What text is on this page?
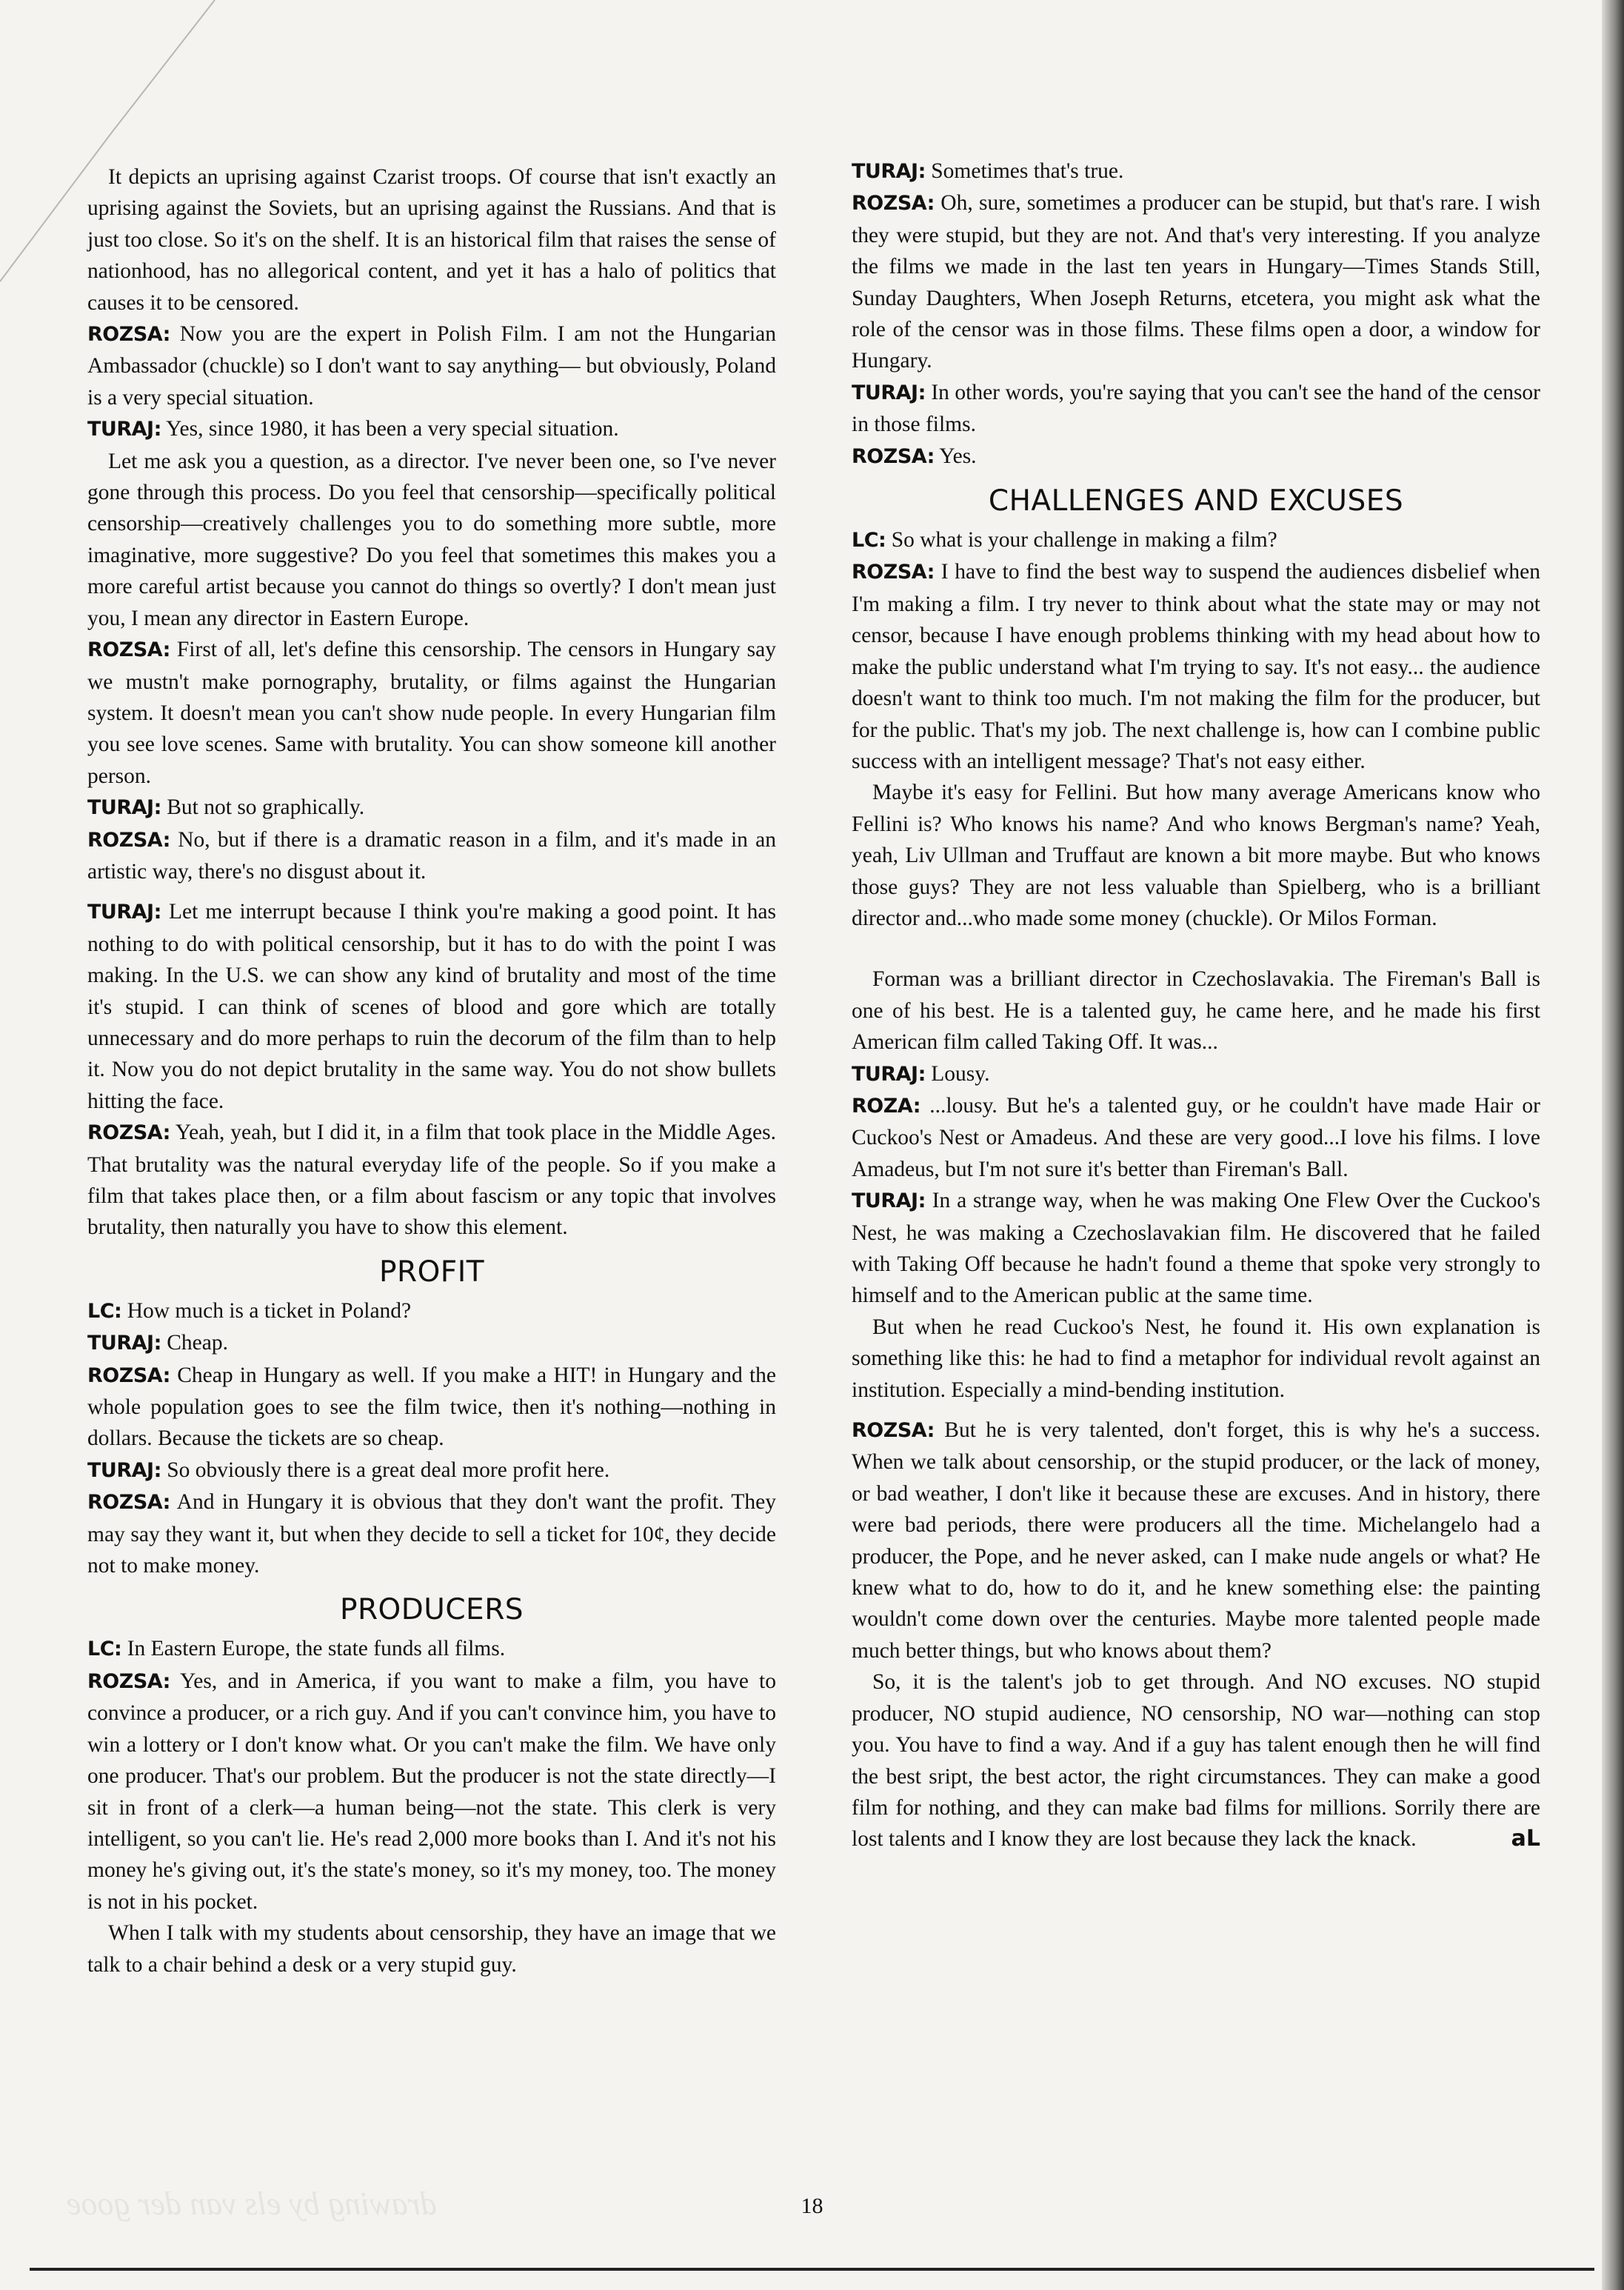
It depicts an uprising against Czarist troops. Of course that isn't exactly an uprising against the Soviets, but an uprising against the Russians. And that is just too close. So it's on the shelf. It is an historical film that raises the sense of nationhood, has no allegorical content, and yet it has a halo of politics that causes it to be censored.

ROZSA: Now you are the expert in Polish Film. I am not the Hungarian Ambassador (chuckle) so I don't want to say anything— but obviously, Poland is a very special situation.

TURAJ: Yes, since 1980, it has been a very special situation.

Let me ask you a question, as a director. I've never been one, so I've never gone through this process. Do you feel that censorship—specifically political censorship—creatively challenges you to do something more subtle, more imaginative, more suggestive? Do you feel that sometimes this makes you a more careful artist because you cannot do things so overtly? I don't mean just you, I mean any director in Eastern Europe.

ROZSA: First of all, let's define this censorship. The censors in Hungary say we mustn't make pornography, brutality, or films against the Hungarian system. It doesn't mean you can't show nude people. In every Hungarian film you see love scenes. Same with brutality. You can show someone kill another person.

TURAJ: But not so graphically.

ROZSA: No, but if there is a dramatic reason in a film, and it's made in an artistic way, there's no disgust about it.

TURAJ: Let me interrupt because I think you're making a good point. It has nothing to do with political censorship, but it has to do with the point I was making. In the U.S. we can show any kind of brutality and most of the time it's stupid. I can think of scenes of blood and gore which are totally unnecessary and do more perhaps to ruin the decorum of the film than to help it. Now you do not depict brutality in the same way. You do not show bullets hitting the face.

ROZSA: Yeah, yeah, but I did it, in a film that took place in the Middle Ages. That brutality was the natural everyday life of the people. So if you make a film that takes place then, or a film about fascism or any topic that involves brutality, then naturally you have to show this element.

PROFIT

LC: How much is a ticket in Poland?

TURAJ: Cheap.

ROZSA: Cheap in Hungary as well. If you make a HIT! in Hungary and the whole population goes to see the film twice, then it's nothing—nothing in dollars. Because the tickets are so cheap.

TURAJ: So obviously there is a great deal more profit here.

ROZSA: And in Hungary it is obvious that they don't want the profit. They may say they want it, but when they decide to sell a ticket for 10¢, they decide not to make money.

PRODUCERS

LC: In Eastern Europe, the state funds all films.

ROZSA: Yes, and in America, if you want to make a film, you have to convince a producer, or a rich guy. And if you can't convince him, you have to win a lottery or I don't know what. Or you can't make the film. We have only one producer. That's our problem. But the producer is not the state directly—I sit in front of a clerk—a human being—not the state. This clerk is very intelligent, so you can't lie. He's read 2,000 more books than I. And it's not his money he's giving out, it's the state's money, so it's my money, too. The money is not in his pocket.

When I talk with my students about censorship, they have an image that we talk to a chair behind a desk or a very stupid guy.

TURAJ: Sometimes that's true.

ROZSA: Oh, sure, sometimes a producer can be stupid, but that's rare. I wish they were stupid, but they are not. And that's very interesting. If you analyze the films we made in the last ten years in Hungary—Times Stands Still, Sunday Daughters, When Joseph Returns, etcetera, you might ask what the role of the censor was in those films. These films open a door, a window for Hungary.

TURAJ: In other words, you're saying that you can't see the hand of the censor in those films.

ROZSA: Yes.

CHALLENGES AND EXCUSES

LC: So what is your challenge in making a film?

ROZSA: I have to find the best way to suspend the audiences disbelief when I'm making a film. I try never to think about what the state may or may not censor, because I have enough problems thinking with my head about how to make the public understand what I'm trying to say. It's not easy... the audience doesn't want to think too much. I'm not making the film for the producer, but for the public. That's my job. The next challenge is, how can I combine public success with an intelligent message? That's not easy either.

Maybe it's easy for Fellini. But how many average Americans know who Fellini is? Who knows his name? And who knows Bergman's name? Yeah, yeah, Liv Ullman and Truffaut are known a bit more maybe. But who knows those guys? They are not less valuable than Spielberg, who is a brilliant director and...who made some money (chuckle). Or Milos Forman.

Forman was a brilliant director in Czechoslavakia. The Fireman's Ball is one of his best. He is a talented guy, he came here, and he made his first American film called Taking Off. It was...

TURAJ: Lousy.

ROZA: ...lousy. But he's a talented guy, or he couldn't have made Hair or Cuckoo's Nest or Amadeus. And these are very good...I love his films. I love Amadeus, but I'm not sure it's better than Fireman's Ball.

TURAJ: In a strange way, when he was making One Flew Over the Cuckoo's Nest, he was making a Czechoslavakian film. He discovered that he failed with Taking Off because he hadn't found a theme that spoke very strongly to himself and to the American public at the same time.

But when he read Cuckoo's Nest, he found it. His own explanation is something like this: he had to find a metaphor for individual revolt against an institution. Especially a mind-bending institution.

ROZSA: But he is very talented, don't forget, this is why he's a success. When we talk about censorship, or the stupid producer, or the lack of money, or bad weather, I don't like it because these are excuses. And in history, there were bad periods, there were producers all the time. Michelangelo had a producer, the Pope, and he never asked, can I make nude angels or what? He knew what to do, how to do it, and he knew something else: the painting wouldn't come down over the centuries. Maybe more talented people made much better things, but who knows about them?

So, it is the talent's job to get through. And NO excuses. NO stupid producer, NO stupid audience, NO censorship, NO war—nothing can stop you. You have to find a way. And if a guy has talent enough then he will find the best sript, the best actor, the right circumstances. They can make a good film for nothing, and they can make bad films for millions. Sorrily there are lost talents and I know they are lost because they lack the knack.	aL

drawing by els van der gooe	18
